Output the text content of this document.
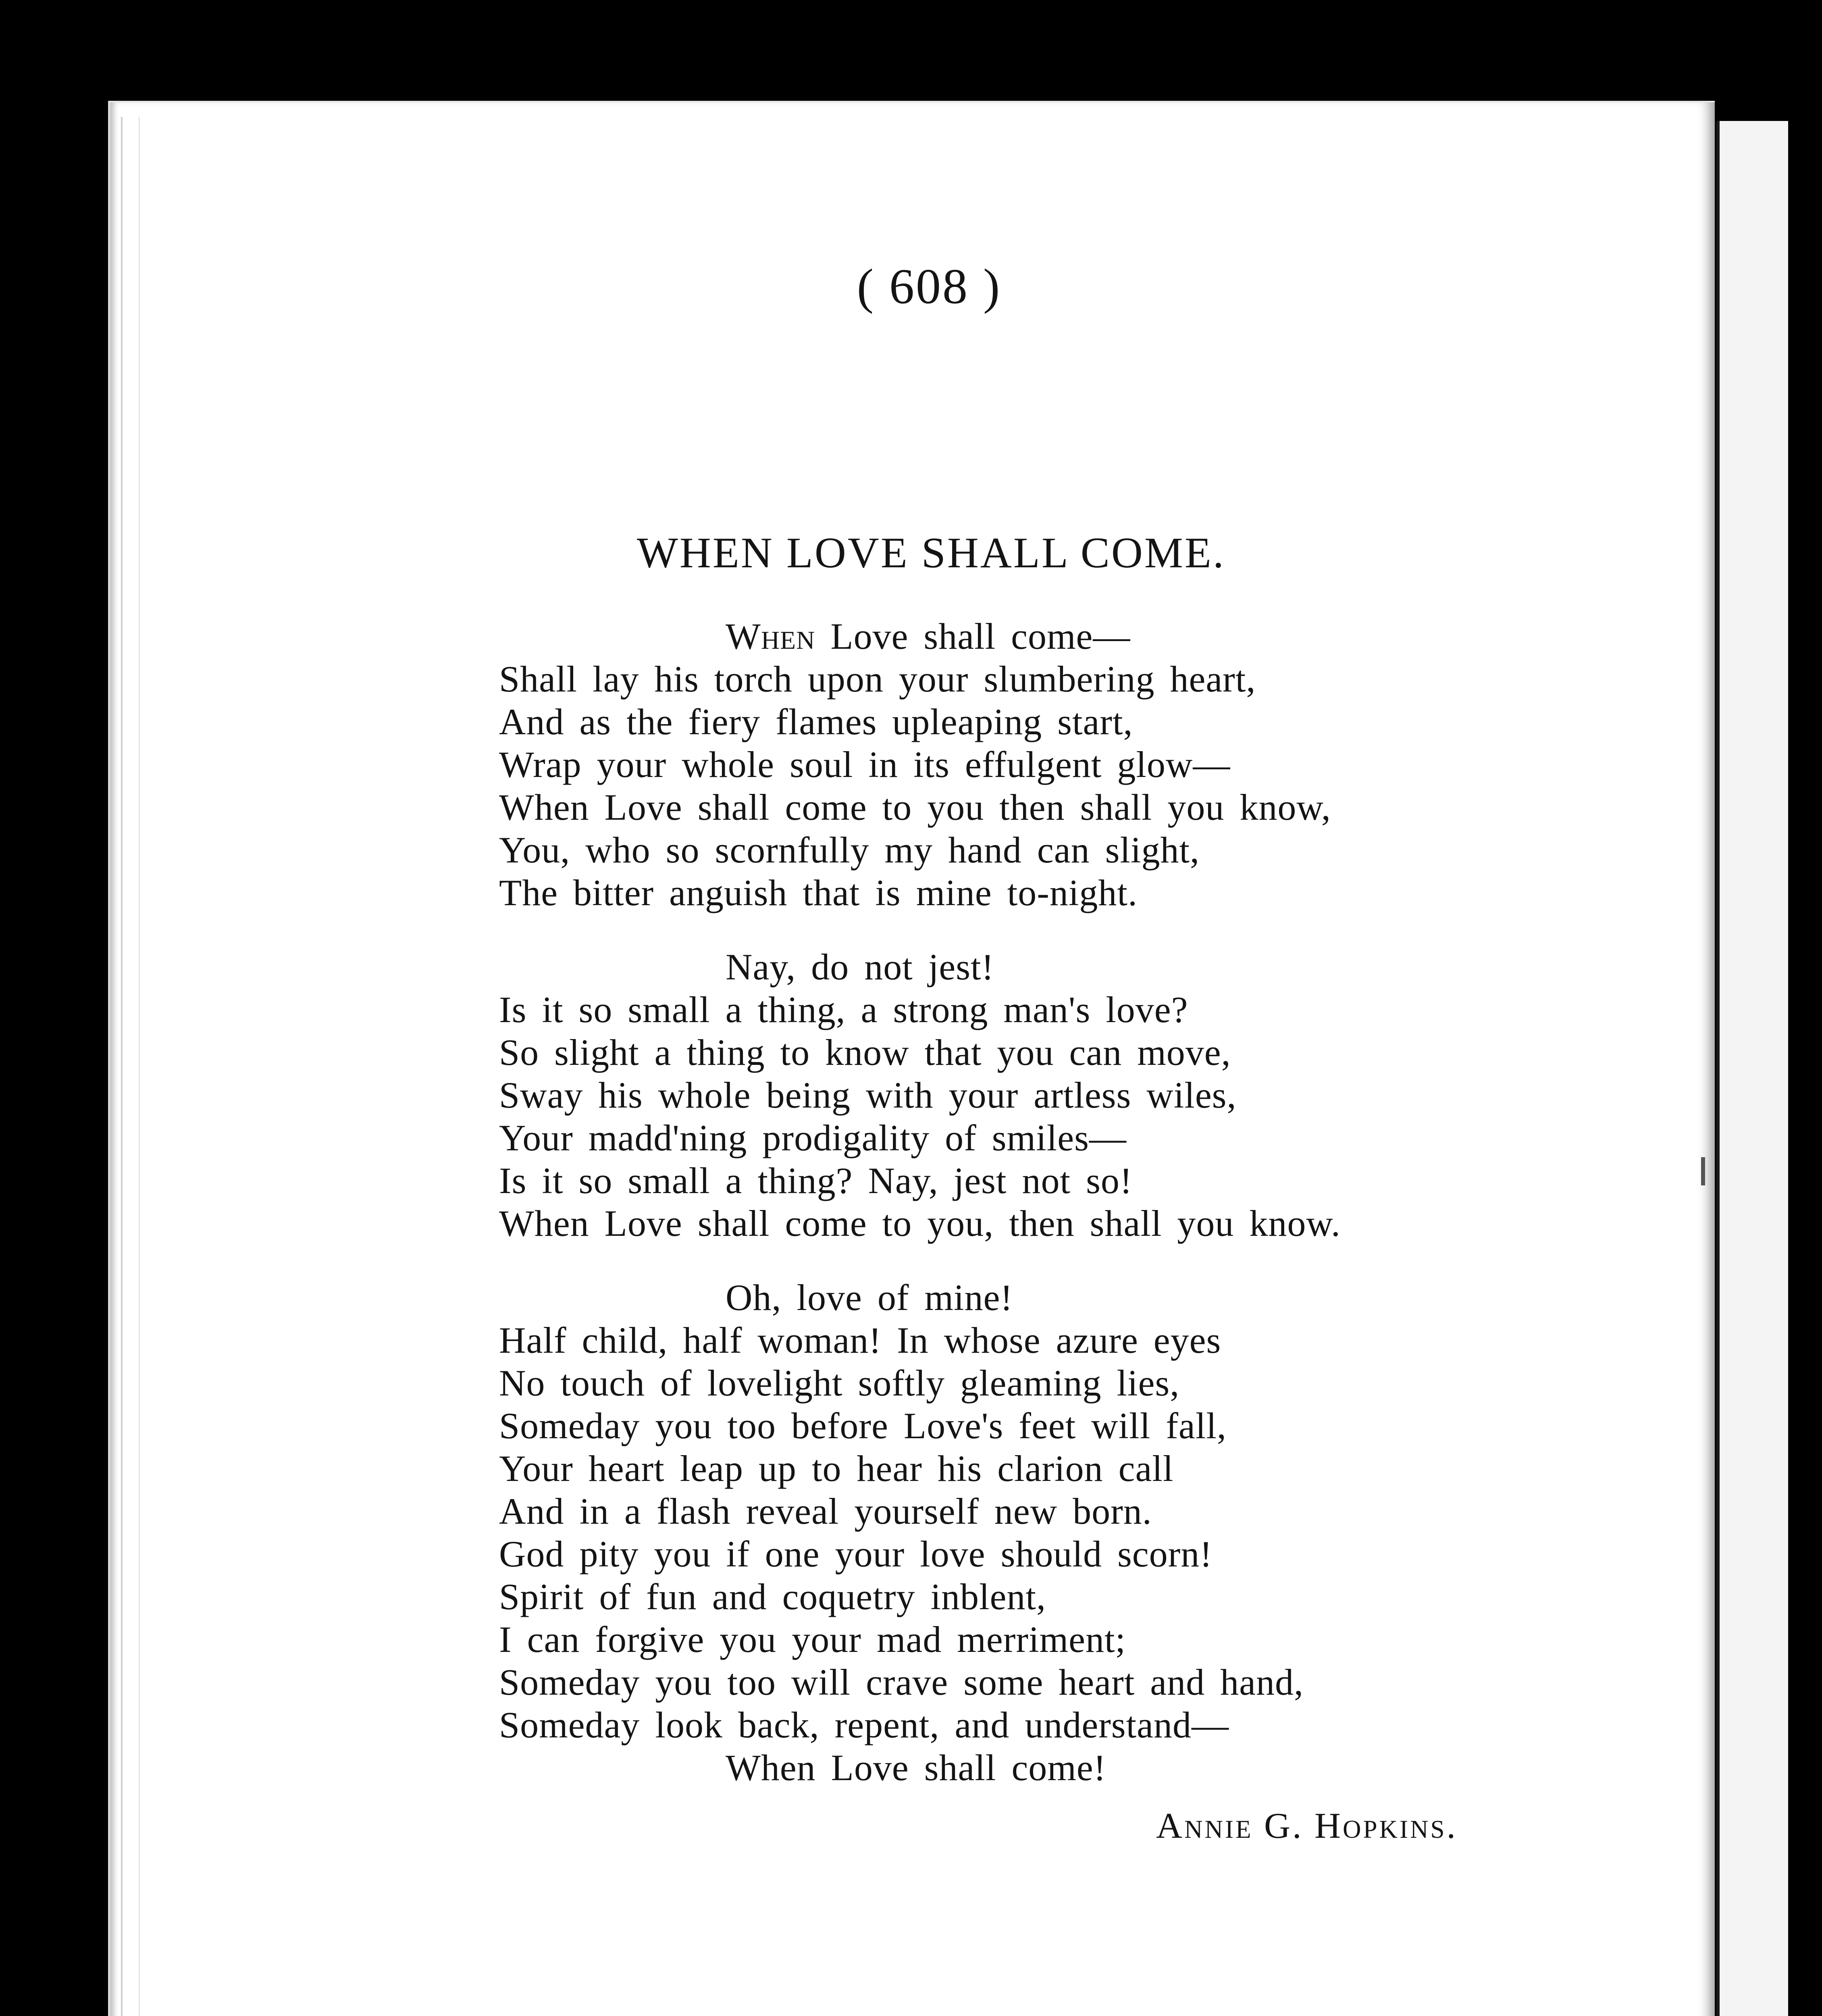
( 608 )
WHEN LOVE SHALL COME.
When Love shall come—
Shall lay his torch upon your slumbering heart,
And as the fiery flames upleaping start,
Wrap your whole soul in its effulgent glow—
When Love shall come to you then shall you know,
You, who so scornfully my hand can slight,
The bitter anguish that is mine to-night.
Nay, do not jest!
Is it so small a thing, a strong man's love?
So slight a thing to know that you can move,
Sway his whole being with your artless wiles,
Your madd'ning prodigality of smiles—
Is it so small a thing? Nay, jest not so!
When Love shall come to you, then shall you know.
Oh, love of mine!
Half child, half woman! In whose azure eyes
No touch of lovelight softly gleaming lies,
Someday you too before Love's feet will fall,
Your heart leap up to hear his clarion call
And in a flash reveal yourself new born.
God pity you if one your love should scorn!
Spirit of fun and coquetry inblent,
I can forgive you your mad merriment;
Someday you too will crave some heart and hand,
Someday look back, repent, and understand—
When Love shall come!
Annie G. Hopkins.
